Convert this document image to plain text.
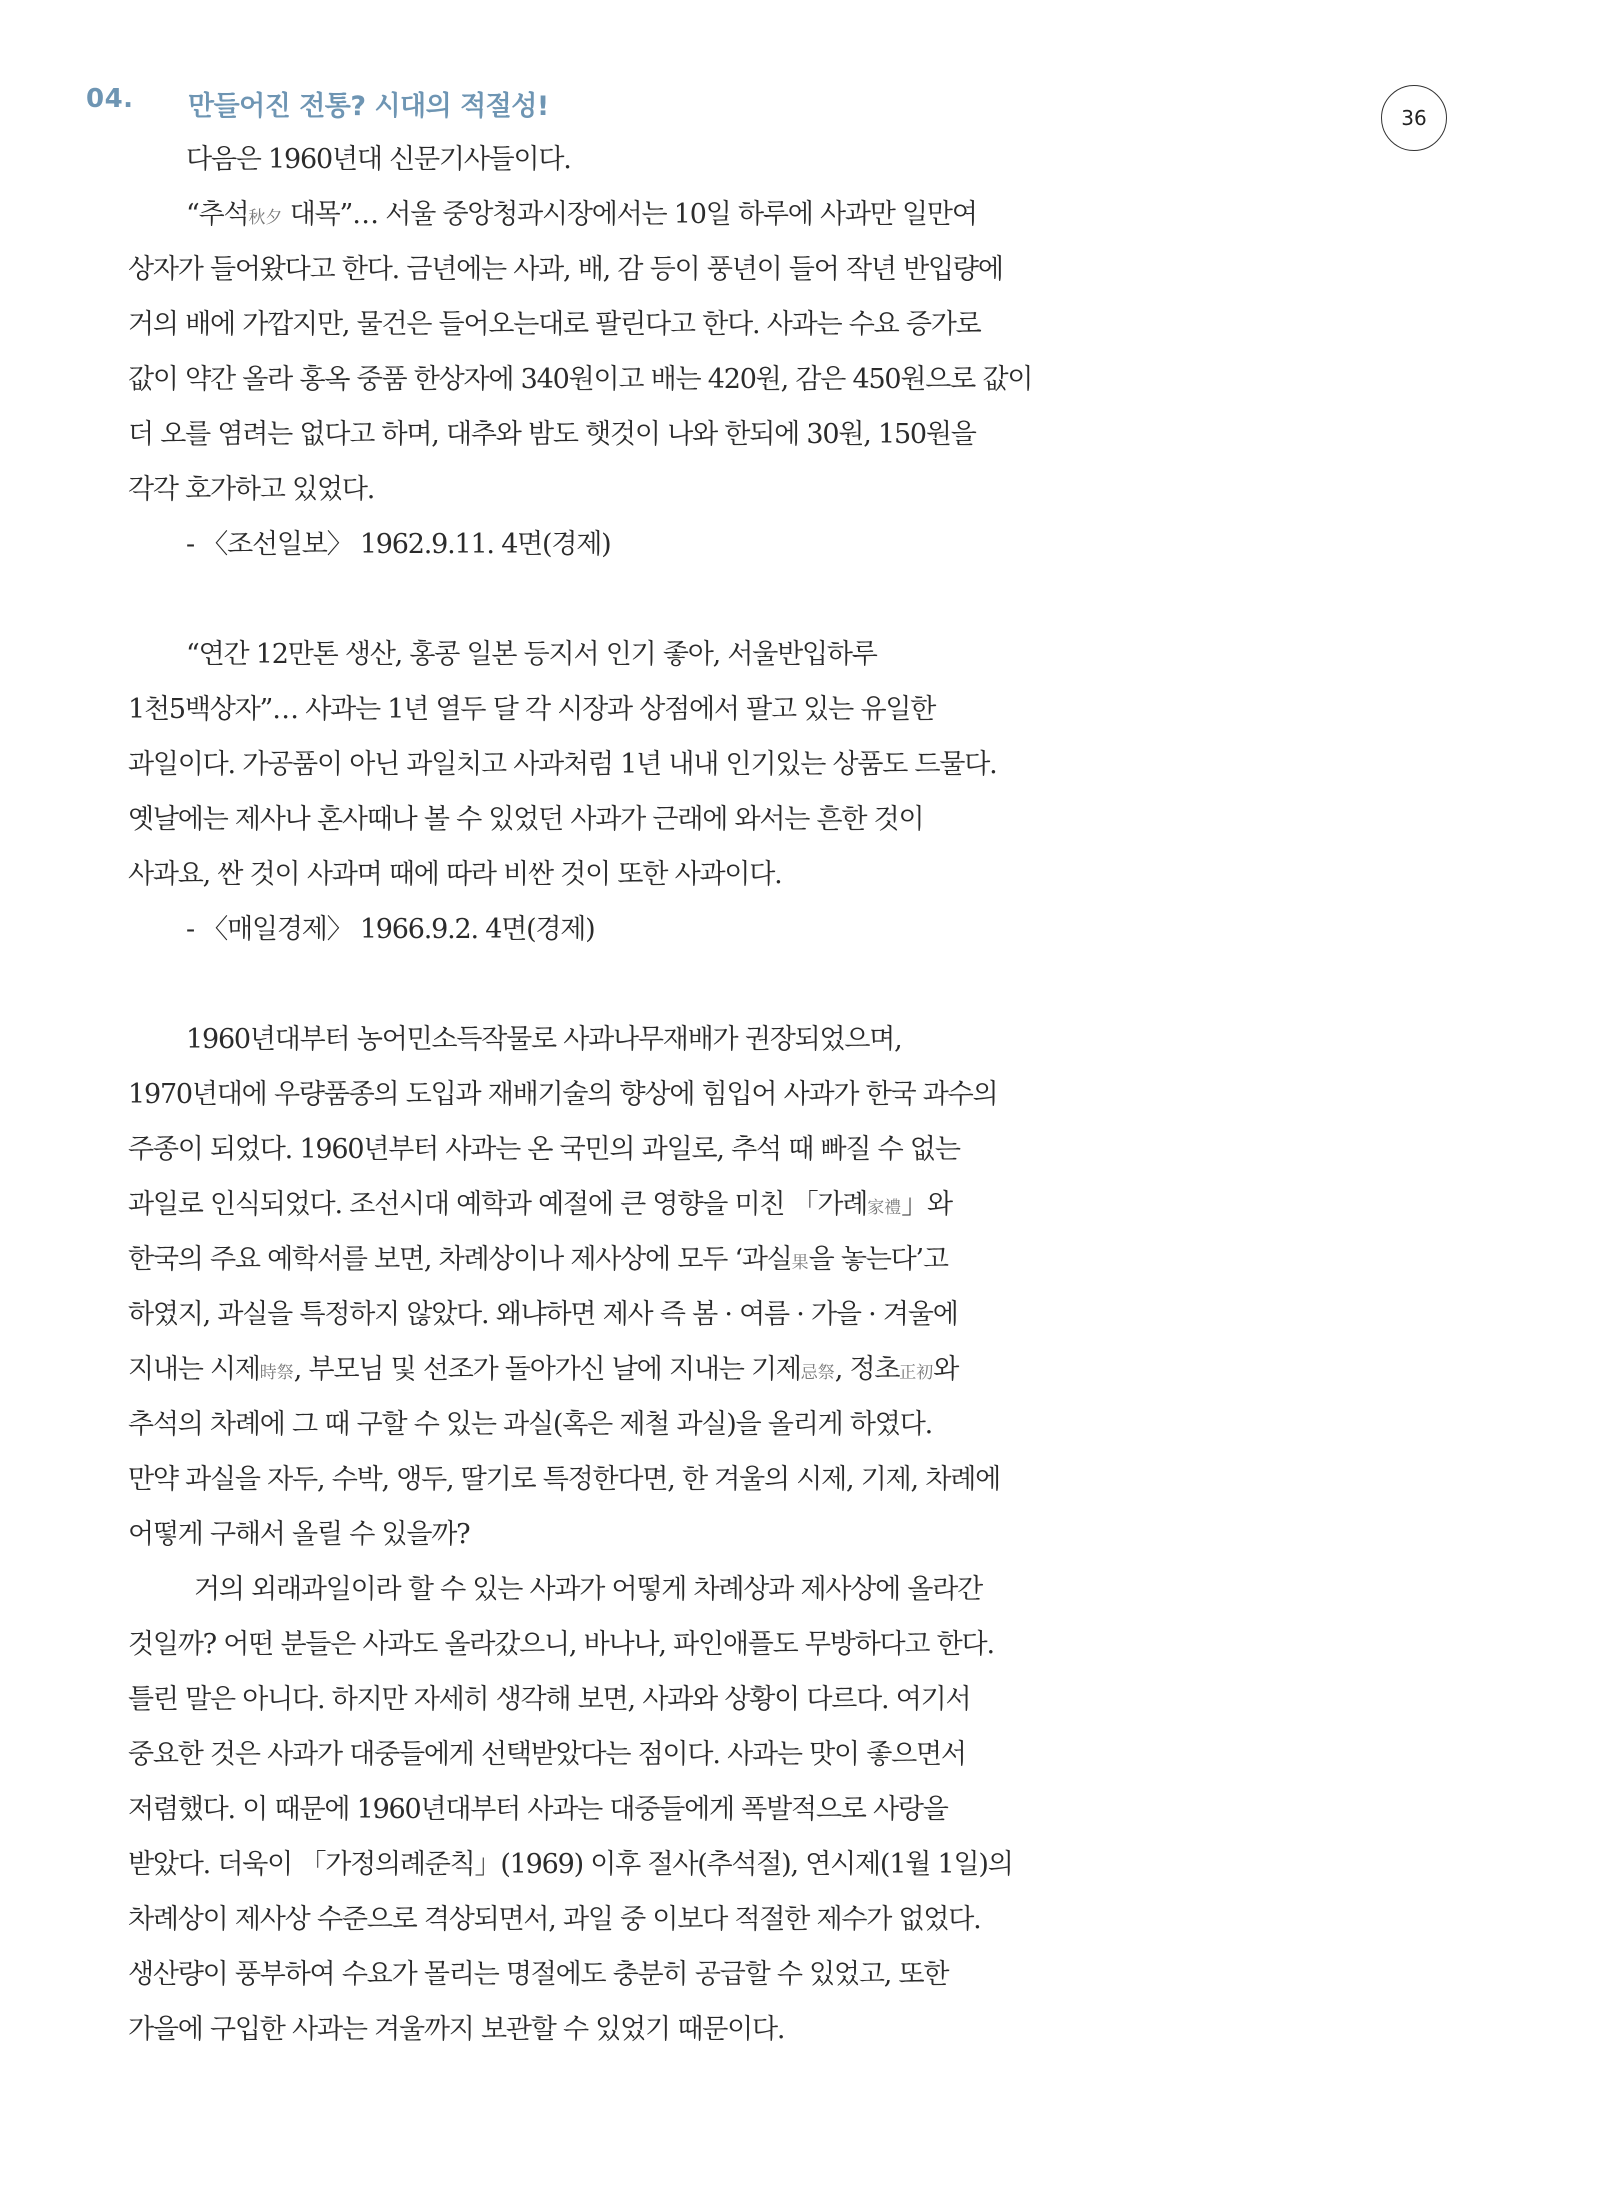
04. 만들어진 전통? 시대의 적절성!	36
다음은 1960년대 신문기사들이다.
“추석秋夕 대목”… 서울 중앙청과시장에서는 10일 하루에 사과만 일만여
상자가 들어왔다고 한다. 금년에는 사과, 배, 감 등이 풍년이 들어 작년 반입량에
거의 배에 가깝지만, 물건은 들어오는대로 팔린다고 한다. 사과는 수요 증가로
값이 약간 올라 홍옥 중품 한상자에 340원이고 배는 420원, 감은 450원으로 값이
더 오를 염려는 없다고 하며, 대추와 밤도 햇것이 나와 한되에 30원, 150원을
각각 호가하고 있었다.
- 〈조선일보〉 1962.9.11. 4면(경제)
“연간 12만톤 생산, 홍콩 일본 등지서 인기 좋아, 서울반입하루
1천5백상자”… 사과는 1년 열두 달 각 시장과 상점에서 팔고 있는 유일한
과일이다. 가공품이 아닌 과일치고 사과처럼 1년 내내 인기있는 상품도 드물다.
옛날에는 제사나 혼사때나 볼 수 있었던 사과가 근래에 와서는 흔한 것이
사과요, 싼 것이 사과며 때에 따라 비싼 것이 또한 사과이다.
- 〈매일경제〉 1966.9.2. 4면(경제)
1960년대부터 농어민소득작물로 사과나무재배가 권장되었으며,
1970년대에 우량품종의 도입과 재배기술의 향상에 힘입어 사과가 한국 과수의
주종이 되었다. 1960년부터 사과는 온 국민의 과일로, 추석 때 빠질 수 없는
과일로 인식되었다. 조선시대 예학과 예절에 큰 영향을 미친 「가례家禮」와
한국의 주요 예학서를 보면, 차례상이나 제사상에 모두 ‘과실果을 놓는다’고
하였지, 과실을 특정하지 않았다. 왜냐하면 제사 즉 봄 · 여름 · 가을 · 겨울에
지내는 시제時祭, 부모님 및 선조가 돌아가신 날에 지내는 기제忌祭, 정초正初와
추석의 차례에 그 때 구할 수 있는 과실(혹은 제철 과실)을 올리게 하였다.
만약 과실을 자두, 수박, 앵두, 딸기로 특정한다면, 한 겨울의 시제, 기제, 차례에
어떻게 구해서 올릴 수 있을까?
거의 외래과일이라 할 수 있는 사과가 어떻게 차례상과 제사상에 올라간
것일까? 어떤 분들은 사과도 올라갔으니, 바나나, 파인애플도 무방하다고 한다.
틀린 말은 아니다. 하지만 자세히 생각해 보면, 사과와 상황이 다르다. 여기서
중요한 것은 사과가 대중들에게 선택받았다는 점이다. 사과는 맛이 좋으면서
저렴했다. 이 때문에 1960년대부터 사과는 대중들에게 폭발적으로 사랑을
받았다. 더욱이 「가정의례준칙」(1969) 이후 절사(추석절), 연시제(1월 1일)의
차례상이 제사상 수준으로 격상되면서, 과일 중 이보다 적절한 제수가 없었다.
생산량이 풍부하여 수요가 몰리는 명절에도 충분히 공급할 수 있었고, 또한
가을에 구입한 사과는 겨울까지 보관할 수 있었기 때문이다.
